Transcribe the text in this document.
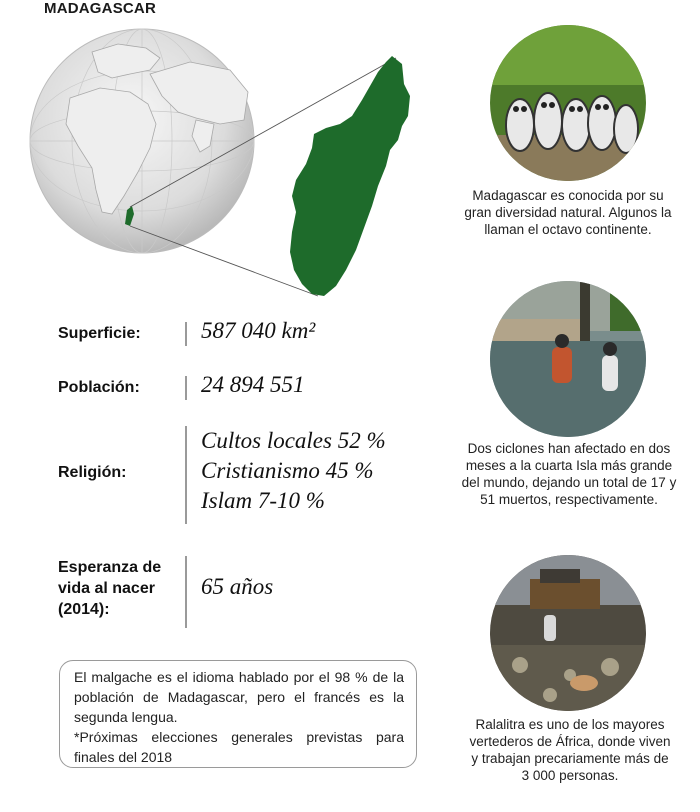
MADAGASCAR
Madagascar es conocida por su gran diversidad natural. Algunos la llaman el octavo continente.
Dos ciclones han afectado en dos meses a la cuarta Isla más grande del mundo, dejando un total de 17 y 51 muertos, respectivamente.
Ralalitra es uno de los mayores vertederos de África, donde viven y trabajan precariamente más de 3 000 personas.
Superficie:	587 040 km²
Población:	24 894 551
Religión:
Cultos locales 52 %
Cristianismo 45 %
Islam 7-10 %
Esperanza de
vida al nacer
(2014):
65 años

El malgache es el idioma hablado por el 98 % de la población de Madagascar, pero el francés es la segunda lengua.

*Próximas elecciones generales previstas para finales del 2018
